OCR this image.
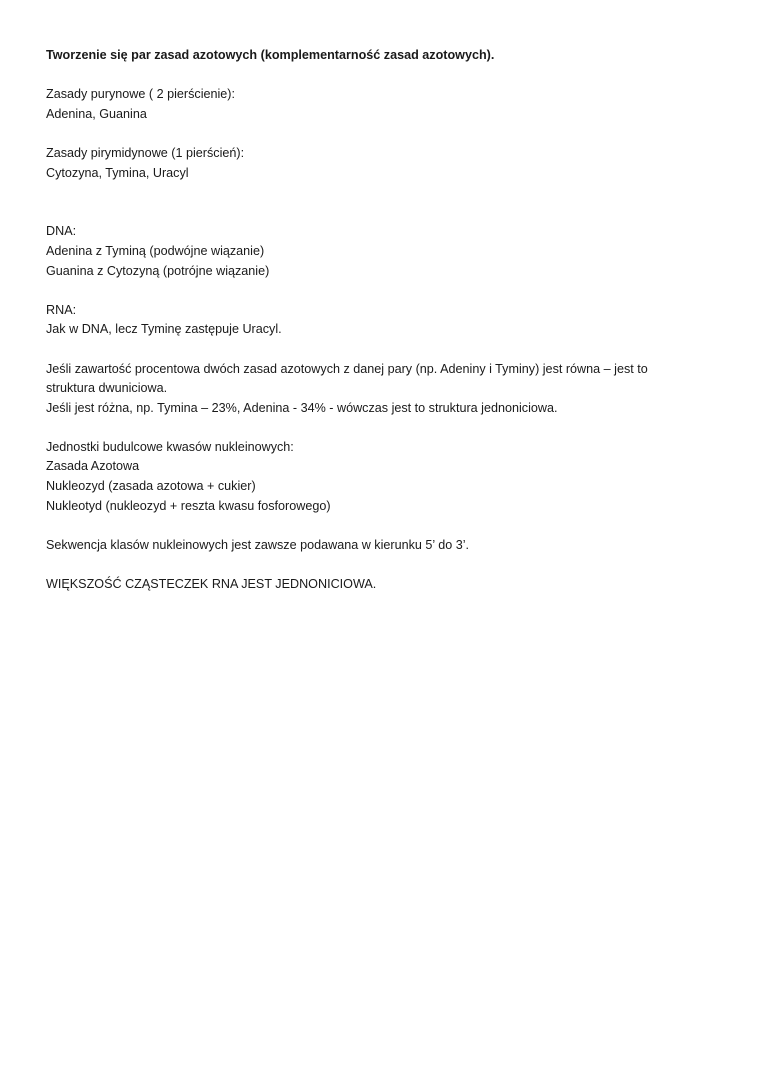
Tworzenie się par zasad azotowych (komplementarność zasad azotowych).
Zasady purynowe ( 2 pierścienie):
Adenina, Guanina
Zasady pirymidynowe (1 pierścień):
Cytozyna, Tymina, Uracyl
DNA:
Adenina z Tyminą (podwójne wiązanie)
Guanina z Cytozyną (potrójne wiązanie)
RNA:
Jak w DNA, lecz Tyminę zastępuje Uracyl.
Jeśli zawartość procentowa dwóch zasad azotowych z danej pary (np. Adeniny i Tyminy) jest równa – jest to
struktura dwuniciowa.
Jeśli jest różna, np. Tymina – 23%, Adenina - 34% - wówczas jest to struktura jednoniciowa.
Jednostki budulcowe kwasów nukleinowych:
Zasada Azotowa
Nukleozyd (zasada azotowa + cukier)
Nukleotyd (nukleozyd + reszta kwasu fosforowego)
Sekwencja klasów nukleinowych jest zawsze podawana w kierunku 5’ do 3’.
WIĘKSZOŚĆ CZĄSTECZEK RNA JEST JEDNONICIOWA.
